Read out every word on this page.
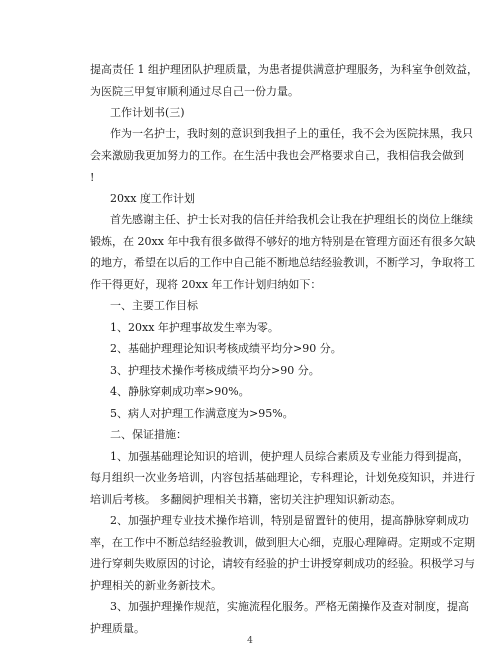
提高责任 1 组护理团队护理质量，为患者提供满意护理服务，为科室争创效益，

为医院三甲复审顺利通过尽自己一份力量。

工作计划书(三)

作为一名护士，我时刻的意识到我担子上的重任，我不会为医院抹黑，我只

会来激励我更加努力的工作。在生活中我也会严格要求自己，我相信我会做到

!

20xx 度工作计划

首先感谢主任、护士长对我的信任并给我机会让我在护理组长的岗位上继续

锻炼，在 20xx 年中我有很多做得不够好的地方特别是在管理方面还有很多欠缺

的地方，希望在以后的工作中自己能不断地总结经验教训，不断学习，争取将工

作干得更好，现将 20xx 年工作计划归纳如下：

一、主要工作目标

1、20xx 年护理事故发生率为零。

2、基础护理理论知识考核成绩平均分>90 分。

3、护理技术操作考核成绩平均分>90 分。

4、静脉穿刺成功率>90%。

5、病人对护理工作满意度为>95%。

二、保证措施：

1、加强基础理论知识的培训，使护理人员综合素质及专业能力得到提高，

每月组织一次业务培训，内容包括基础理论，专科理论，计划免疫知识，并进行

培训后考核。 多翻阅护理相关书籍，密切关注护理知识新动态。

2、加强护理专业技术操作培训，特别是留置针的使用，提高静脉穿刺成功

率，在工作中不断总结经验教训，做到胆大心细，克服心理障碍。定期或不定期

进行穿刺失败原因的讨论，请较有经验的护士讲授穿刺成功的经验。积极学习与

护理相关的新业务新技术。

3、加强护理操作规范，实施流程化服务。严格无菌操作及查对制度，提高

护理质量。

4
